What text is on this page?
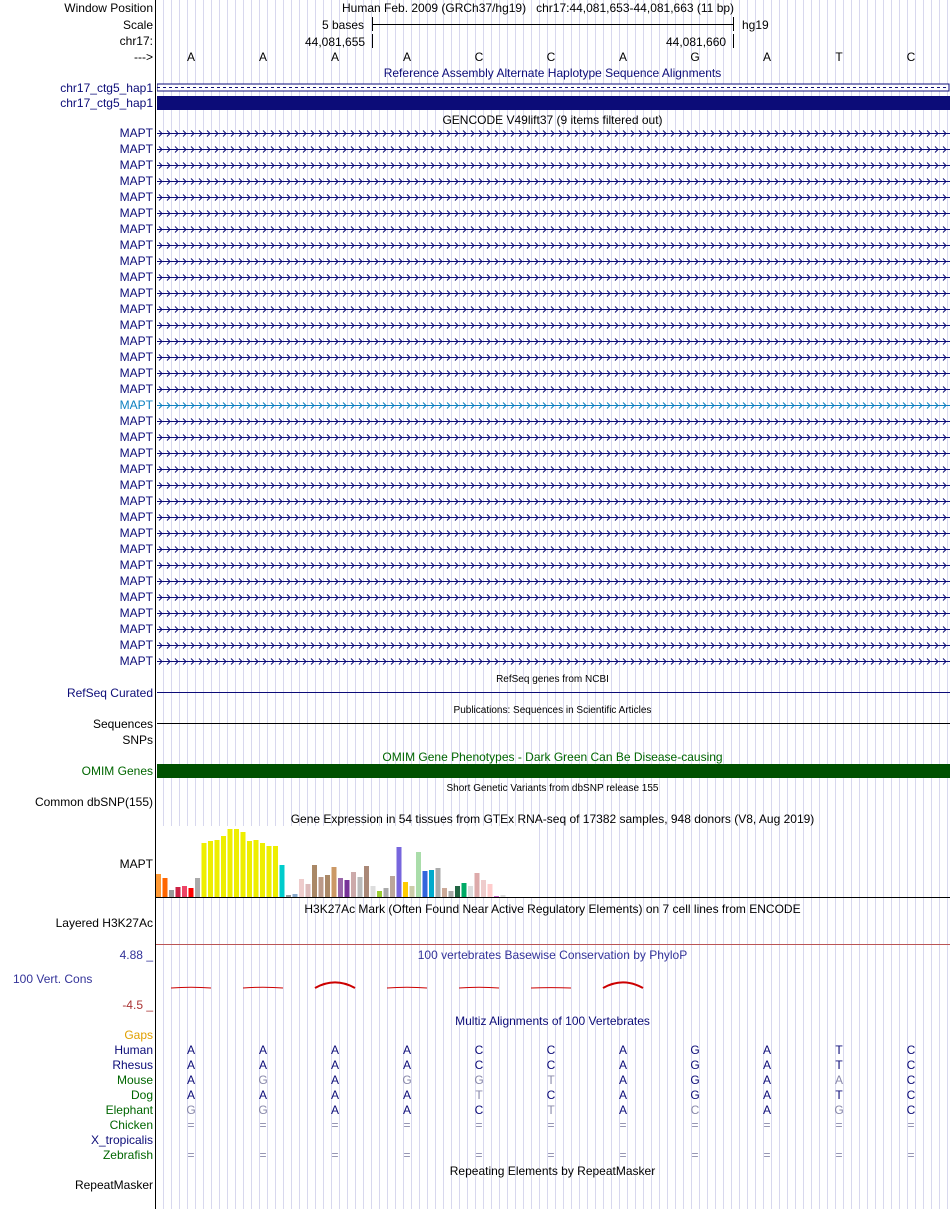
Window Position
Scale
chr17:
--->
Human Feb. 2009 (GRCh37/hg19)   chr17:44,081,653-44,081,663 (11 bp)
5 bases	hg19
44,081,655	44,081,660
A	A	A	A	C	C	A	G	A	T	C
Reference Assembly Alternate Haplotype Sequence Alignments
chr17_ctg5_hap1
chr17_ctg5_hap1
GENCODE V49lift37 (9 items filtered out)
MAPT
MAPT
MAPT
MAPT
MAPT
MAPT
MAPT
MAPT
MAPT
MAPT
MAPT
MAPT
MAPT
MAPT
MAPT
MAPT
MAPT
MAPT
MAPT
MAPT
MAPT
MAPT
MAPT
MAPT
MAPT
MAPT
MAPT
MAPT
MAPT
MAPT
MAPT
MAPT
MAPT
MAPT
RefSeq genes from NCBI
RefSeq Curated
Publications: Sequences in Scientific Articles
Sequences
SNPs
OMIM Gene Phenotypes - Dark Green Can Be Disease-causing
OMIM Genes
Short Genetic Variants from dbSNP release 155
Common dbSNP(155)
Gene Expression in 54 tissues from GTEx RNA-seq of 17382 samples, 948 donors (V8, Aug 2019)
MAPT
H3K27Ac Mark (Often Found Near Active Regulatory Elements) on 7 cell lines from ENCODE
Layered H3K27Ac
100 vertebrates Basewise Conservation by PhyloP
4.88 _
100 Vert. Cons
-4.5 _
Multiz Alignments of 100 Vertebrates
Gaps
Human	A	A	A	A	C	C	A	G	A	T	C
Rhesus	A	A	A	A	C	C	A	G	A	T	C
Mouse	A	G	A	G	G	T	A	G	A	A	C
Dog	A	A	A	A	T	C	A	G	A	T	C
Elephant	G	G	A	A	C	T	A	C	A	G	C
Chicken	=	=	=	=	=	=	=	=	=	=	=
X_tropicalis
Zebrafish	=	=	=	=	=	=	=	=	=	=	=
Repeating Elements by RepeatMasker
RepeatMasker
